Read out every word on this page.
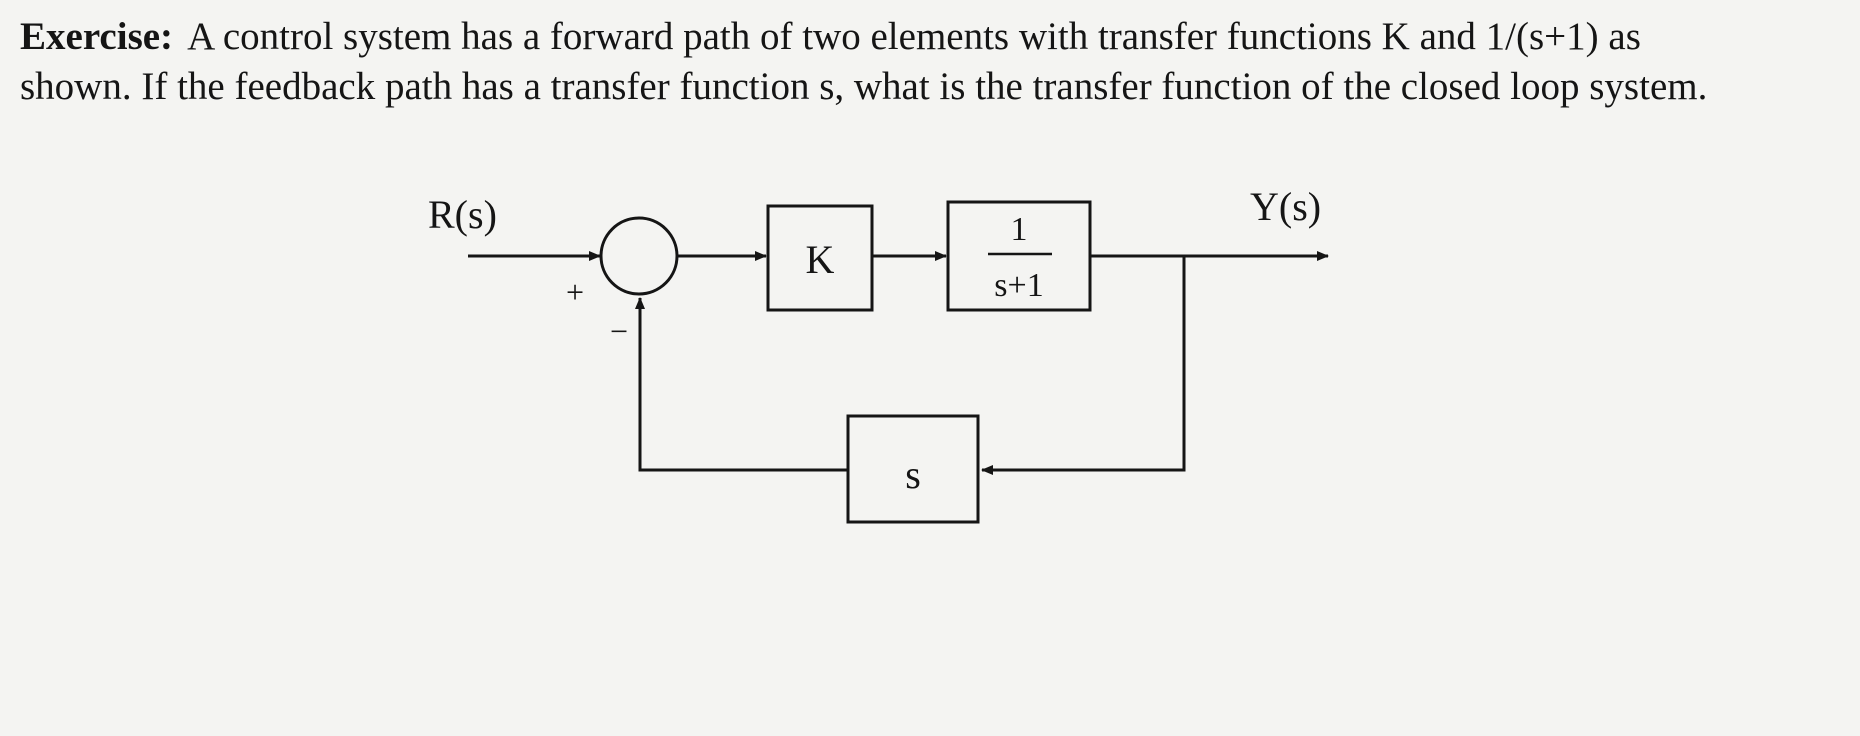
Exercise: A control system has a forward path of two elements with transfer functions K and 1/(s+1) as shown. If the feedback path has a transfer function s, what is the transfer function of the closed loop system.
R(s)
+
−
K
1
s+1
Y(s)
s
